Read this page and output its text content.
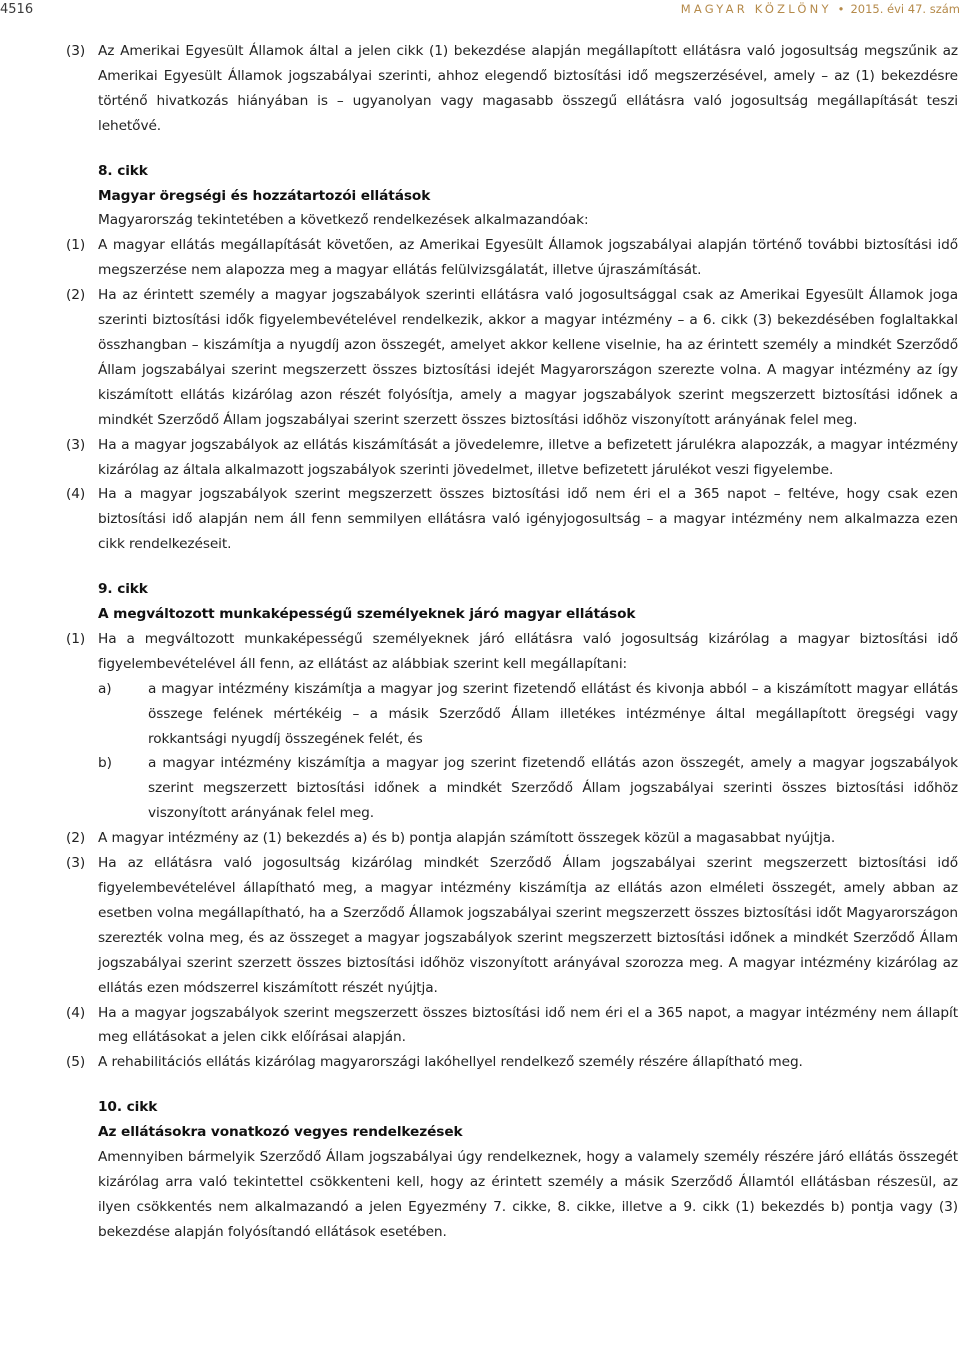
4516	MAGYAR KÖZLÖNY • 2015. évi 47. szám

(3) Az Amerikai Egyesült Államok által a jelen cikk (1) bekezdése alapján megállapított ellátásra való jogosultság megszűnik az Amerikai Egyesült Államok jogszabályai szerinti, ahhoz elegendő biztosítási idő megszerzésével, amely – az (1) bekezdésre történő hivatkozás hiányában is – ugyanolyan vagy magasabb összegű ellátásra való jogosultság megállapítását teszi lehetővé.

8. cikk

Magyar öregségi és hozzátartozói ellátások

Magyarország tekintetében a következő rendelkezések alkalmazandóak:

(1) A magyar ellátás megállapítását követően, az Amerikai Egyesült Államok jogszabályai alapján történő további biztosítási idő megszerzése nem alapozza meg a magyar ellátás felülvizsgálatát, illetve újraszámítását.

(2) Ha az érintett személy a magyar jogszabályok szerinti ellátásra való jogosultsággal csak az Amerikai Egyesült Államok joga szerinti biztosítási idők figyelembevételével rendelkezik, akkor a magyar intézmény – a 6. cikk (3) bekezdésében foglaltakkal összhangban – kiszámítja a nyugdíj azon összegét, amelyet akkor kellene viselnie, ha az érintett személy a mindkét Szerződő Állam jogszabályai szerint megszerzett összes biztosítási idejét Magyarországon szerezte volna. A magyar intézmény az így kiszámított ellátás kizárólag azon részét folyósítja, amely a magyar jogszabályok szerint megszerzett biztosítási időnek a mindkét Szerződő Állam jogszabályai szerint szerzett összes biztosítási időhöz viszonyított arányának felel meg.

(3) Ha a magyar jogszabályok az ellátás kiszámítását a jövedelemre, illetve a befizetett járulékra alapozzák, a magyar intézmény kizárólag az általa alkalmazott jogszabályok szerinti jövedelmet, illetve befizetett járulékot veszi figyelembe.

(4) Ha a magyar jogszabályok szerint megszerzett összes biztosítási idő nem éri el a 365 napot – feltéve, hogy csak ezen biztosítási idő alapján nem áll fenn semmilyen ellátásra való igényjogosultság – a magyar intézmény nem alkalmazza ezen cikk rendelkezéseit.

9. cikk

A megváltozott munkaképességű személyeknek járó magyar ellátások

(1) Ha a megváltozott munkaképességű személyeknek járó ellátásra való jogosultság kizárólag a magyar biztosítási idő figyelembevételével áll fenn, az ellátást az alábbiak szerint kell megállapítani:

a)	a magyar intézmény kiszámítja a magyar jog szerint fizetendő ellátást és kivonja abból – a kiszámított magyar ellátás összege felének mértékéig – a másik Szerződő Állam illetékes intézménye által megállapított öregségi vagy rokkantsági nyugdíj összegének felét, és

b)	a magyar intézmény kiszámítja a magyar jog szerint fizetendő ellátás azon összegét, amely a magyar jogszabályok szerint megszerzett biztosítási időnek a mindkét Szerződő Állam jogszabályai szerinti összes biztosítási időhöz viszonyított arányának felel meg.

(2) A magyar intézmény az (1) bekezdés a) és b) pontja alapján számított összegek közül a magasabbat nyújtja.

(3) Ha az ellátásra való jogosultság kizárólag mindkét Szerződő Állam jogszabályai szerint megszerzett biztosítási idő figyelembevételével állapítható meg, a magyar intézmény kiszámítja az ellátás azon elméleti összegét, amely abban az esetben volna megállapítható, ha a Szerződő Államok jogszabályai szerint megszerzett összes biztosítási időt Magyarországon szerezték volna meg, és az összeget a magyar jogszabályok szerint megszerzett biztosítási időnek a mindkét Szerződő Állam jogszabályai szerint szerzett összes biztosítási időhöz viszonyított arányával szorozza meg. A magyar intézmény kizárólag az ellátás ezen módszerrel kiszámított részét nyújtja.

(4) Ha a magyar jogszabályok szerint megszerzett összes biztosítási idő nem éri el a 365 napot, a magyar intézmény nem állapít meg ellátásokat a jelen cikk előírásai alapján.

(5) A rehabilitációs ellátás kizárólag magyarországi lakóhellyel rendelkező személy részére állapítható meg.

10. cikk

Az ellátásokra vonatkozó vegyes rendelkezések

Amennyiben bármelyik Szerződő Állam jogszabályai úgy rendelkeznek, hogy a valamely személy részére járó ellátás összegét kizárólag arra való tekintettel csökkenteni kell, hogy az érintett személy a másik Szerződő Államtól ellátásban részesül, az ilyen csökkentés nem alkalmazandó a jelen Egyezmény 7. cikke, 8. cikke, illetve a 9. cikk (1) bekezdés b) pontja vagy (3) bekezdése alapján folyósítandó ellátások esetében.
